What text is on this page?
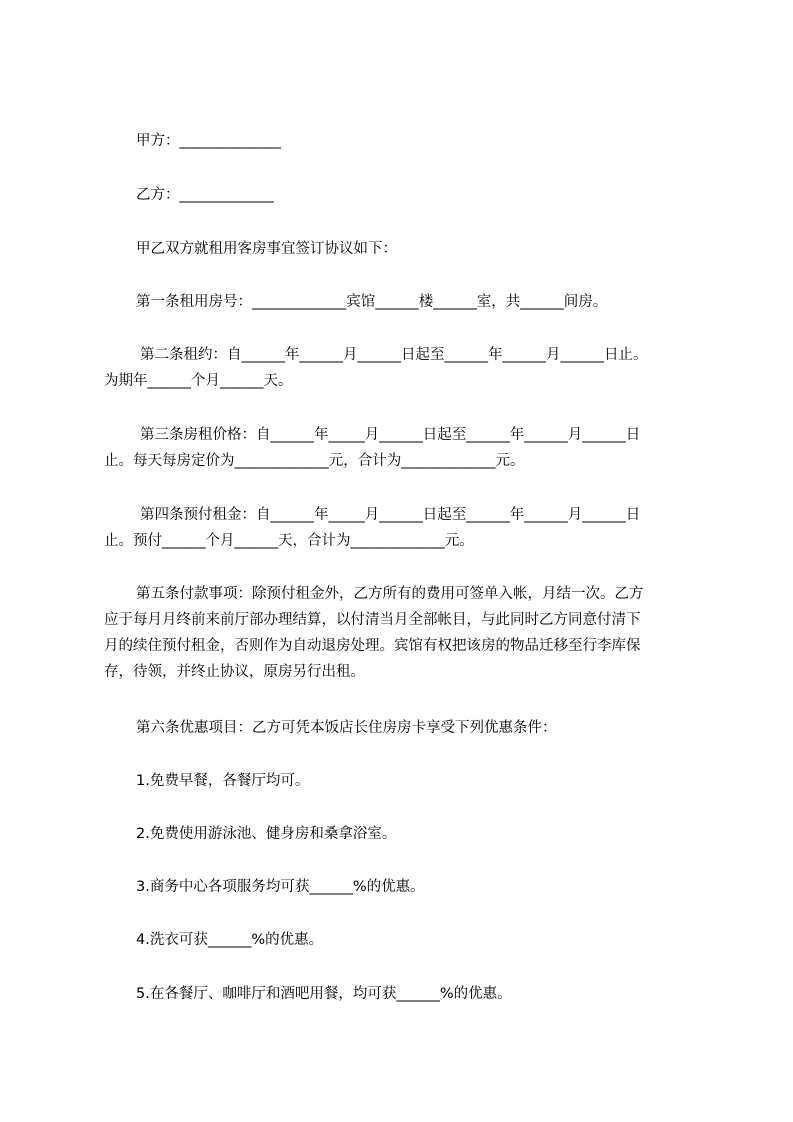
甲方：______________

乙方：_____________

甲乙双方就租用客房事宜签订协议如下：

第一条租用房号：_____________宾馆______楼______室，共______间房。

第二条租约：自______年______月______日起至______年______月______日止。
为期年______个月______天。
第三条房租价格：自______年_____月______日起至______年______月______日
止。每天每房定价为_____________元，合计为_____________元。
第四条预付租金：自______年_____月______日起至______年______月______日
止。预付______个月______天，合计为_____________元。
第五条付款事项：除预付租金外，乙方所有的费用可签单入帐，月结一次。乙方
应于每月月终前来前厅部办理结算，以付清当月全部帐目，与此同时乙方同意付清下
月的续住预付租金，否则作为自动退房处理。宾馆有权把该房的物品迁移至行李库保
存，待领，并终止协议，原房另行出租。

第六条优惠项目：乙方可凭本饭店长住房房卡享受下列优惠条件：

1.免费早餐，各餐厅均可。

2.免费使用游泳池、健身房和桑拿浴室。

3.商务中心各项服务均可获______%的优惠。

4.洗衣可获______%的优惠。

5.在各餐厅、咖啡厅和酒吧用餐，均可获______%的优惠。
